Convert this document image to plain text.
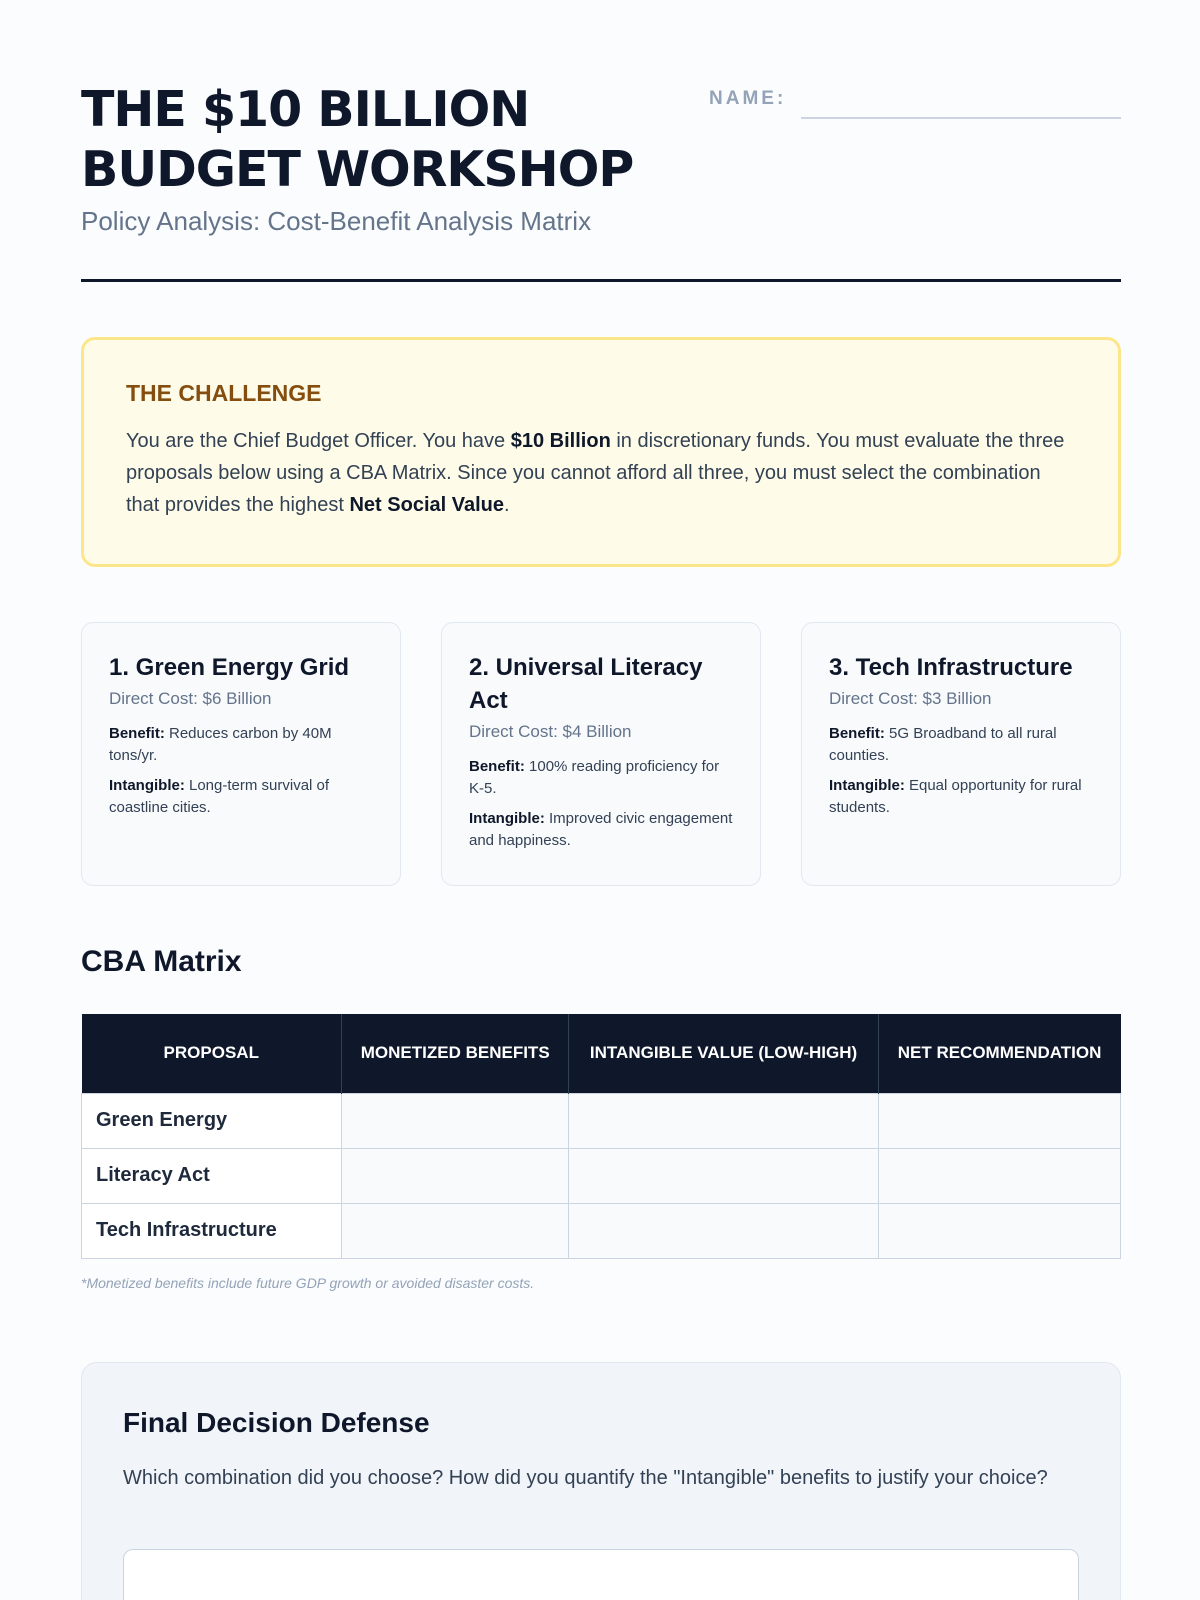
THE $10 BILLION
BUDGET WORKSHOP
Policy Analysis: Cost-Benefit Analysis Matrix
NAME:
THE CHALLENGE

You are the Chief Budget Officer. You have $10 Billion in discretionary funds. You must evaluate the three proposals below using a CBA Matrix. Since you cannot afford all three, you must select the combination that provides the highest Net Social Value.

1. Green Energy Grid
Direct Cost: $6 Billion
Benefit: Reduces carbon by 40M tons/yr.
Intangible: Long-term survival of coastline cities.
2. Universal Literacy Act
Direct Cost: $4 Billion
Benefit: 100% reading proficiency for K-5.
Intangible: Improved civic engagement and happiness.
3. Tech Infrastructure
Direct Cost: $3 Billion
Benefit: 5G Broadband to all rural counties.
Intangible: Equal opportunity for rural students.
CBA Matrix
PROPOSAL	MONETIZED BENEFITS	INTANGIBLE VALUE (LOW-HIGH)	NET RECOMMENDATION
Green Energy			
Literacy Act			
Tech Infrastructure			
*Monetized benefits include future GDP growth or avoided disaster costs.
Final Decision Defense
Which combination did you choose? How did you quantify the "Intangible" benefits to justify your choice?
